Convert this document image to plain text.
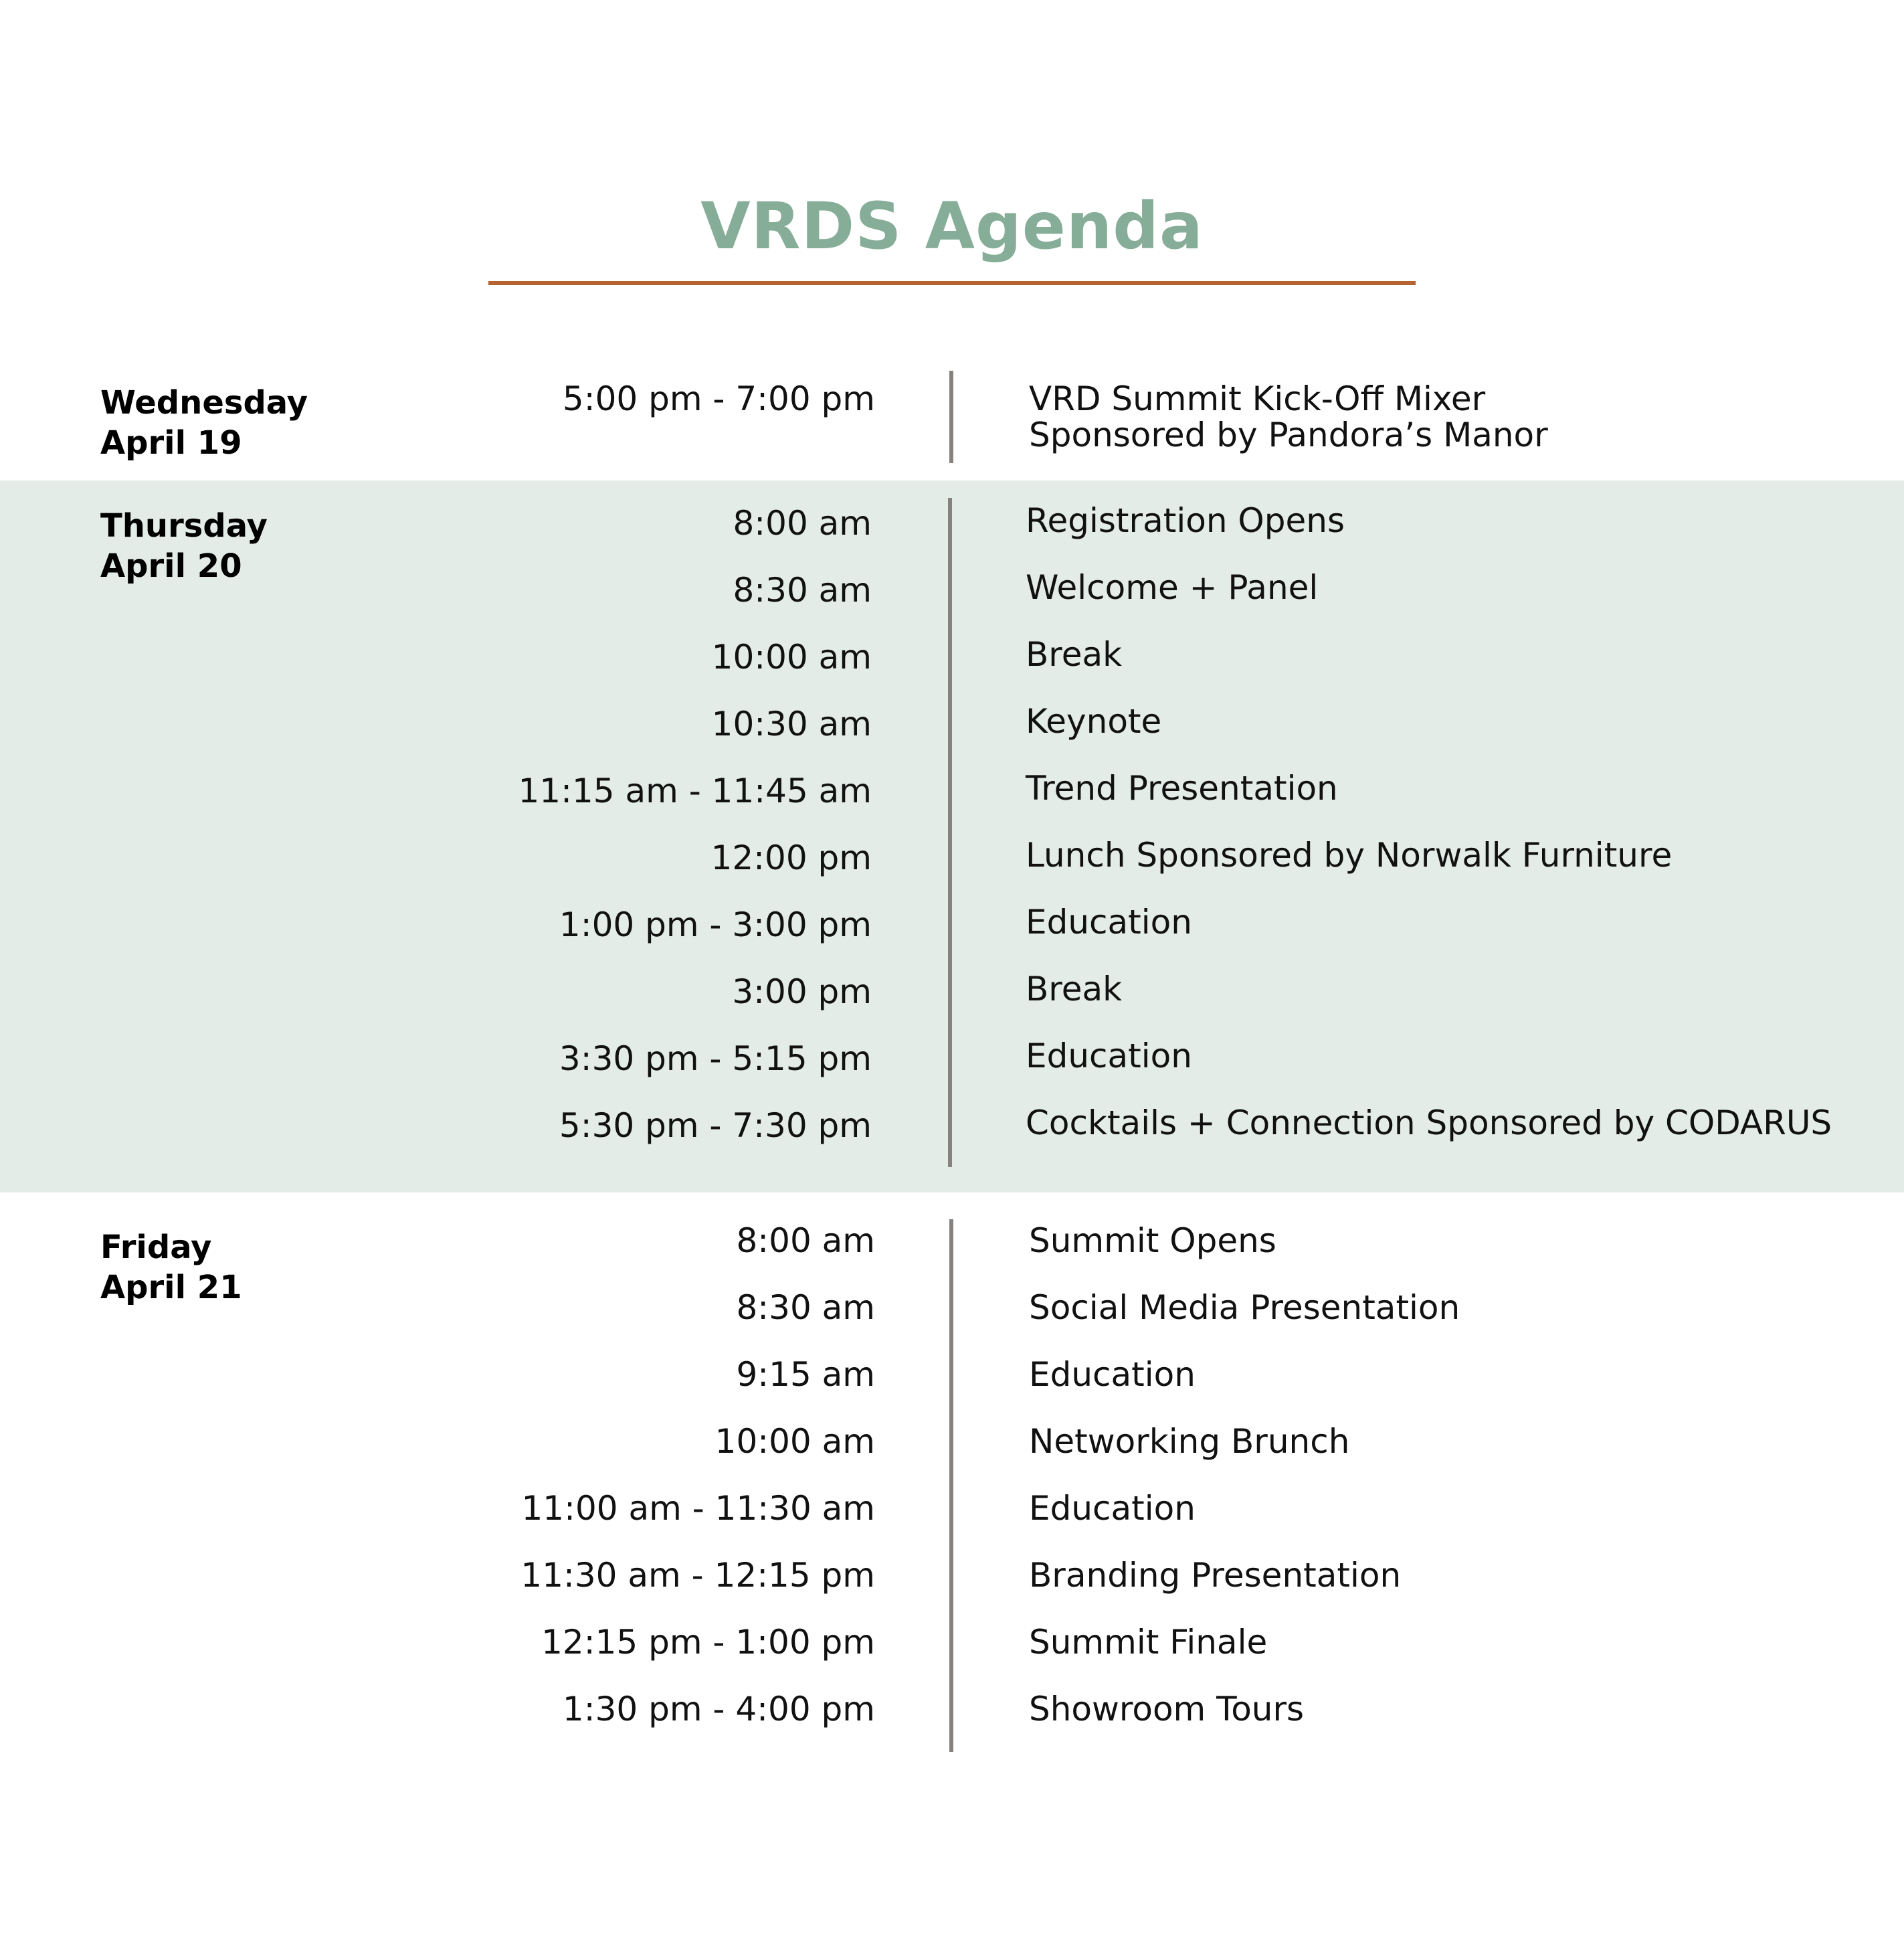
VRDS Agenda
Wednesday
April 19
5:00 pm - 7:00 pm	VRD Summit Kick-Off Mixer
Sponsored by Pandora’s Manor
Thursday
April 20
8:00 am	Registration Opens
8:30 am	Welcome + Panel
10:00 am	Break
10:30 am	Keynote
11:15 am - 11:45 am	Trend Presentation
12:00 pm	Lunch Sponsored by Norwalk Furniture
1:00 pm - 3:00 pm	Education
3:00 pm	Break
3:30 pm - 5:15 pm	Education
5:30 pm - 7:30 pm	Cocktails + Connection Sponsored by CODARUS
Friday
April 21
8:00 am	Summit Opens
8:30 am	Social Media Presentation
9:15 am	Education
10:00 am	Networking Brunch
11:00 am - 11:30 am	Education
11:30 am - 12:15 pm	Branding Presentation
12:15 pm - 1:00 pm	Summit Finale
1:30 pm - 4:00 pm	Showroom Tours
